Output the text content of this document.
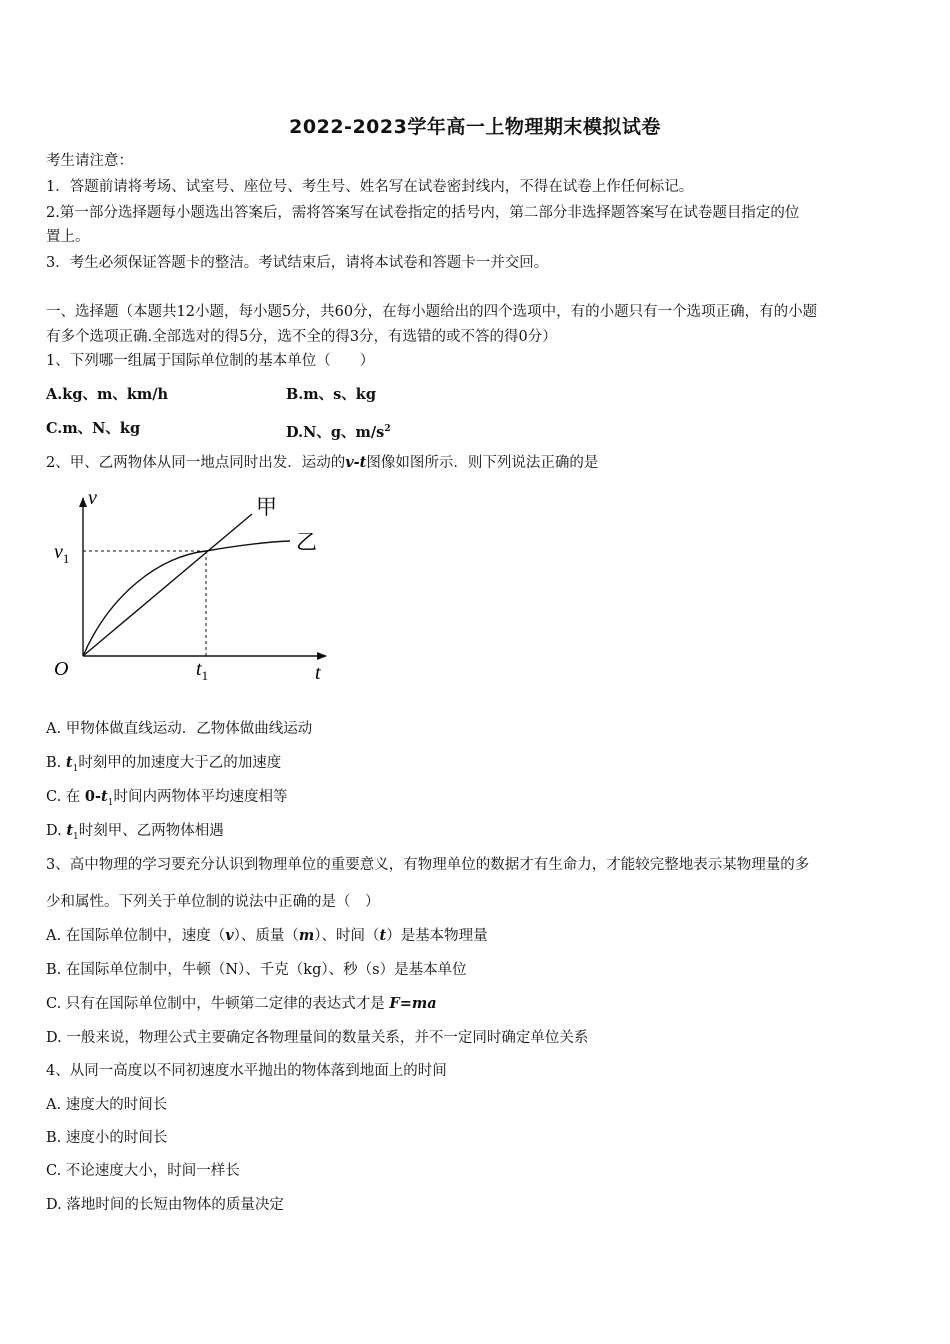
2022-2023学年高一上物理期末模拟试卷
考生请注意：
1．答题前请将考场、试室号、座位号、考生号、姓名写在试卷密封线内，不得在试卷上作任何标记。
2.第一部分选择题每小题选出答案后，需将答案写在试卷指定的括号内，第二部分非选择题答案写在试卷题目指定的位
置上。
3．考生必须保证答题卡的整洁。考试结束后，请将本试卷和答题卡一并交回。
一、选择题（本题共12小题，每小题5分，共60分，在每小题给出的四个选项中，有的小题只有一个选项正确，有的小题
有多个选项正确.全部选对的得5分，选不全的得3分，有选错的或不答的得0分）
1、下列哪一组属于国际单位制的基本单位（　　）
A.kg、m、km/h	B.m、s、kg
C.m、N、kg	D.N、g、$m/s^2$
2、甲、乙两物体从同一地点同时出发．运动的v-t图像如图所示．则下列说法正确的是
v
t
O
$v_1$
$t_1$
甲
乙
A. 甲物体做直线运动．乙物体做曲线运动
B. $t_1$时刻甲的加速度大于乙的加速度
C. 在 $0-t_1$时间内两物体平均速度相等
D. $t_1$时刻甲、乙两物体相遇
3、高中物理的学习要充分认识到物理单位的重要意义，有物理单位的数据才有生命力，才能较完整地表示某物理量的多
少和属性。下列关于单位制的说法中正确的是（　）
A. 在国际单位制中，速度（v）、质量（m）、时间（t）是基本物理量
B. 在国际单位制中，牛顿（N）、千克（kg）、秒（s）是基本单位
C. 只有在国际单位制中，牛顿第二定律的表达式才是 F=ma
D. 一般来说，物理公式主要确定各物理量间的数量关系，并不一定同时确定单位关系
4、从同一高度以不同初速度水平抛出的物体落到地面上的时间
A. 速度大的时间长
B. 速度小的时间长
C. 不论速度大小，时间一样长
D. 落地时间的长短由物体的质量决定
